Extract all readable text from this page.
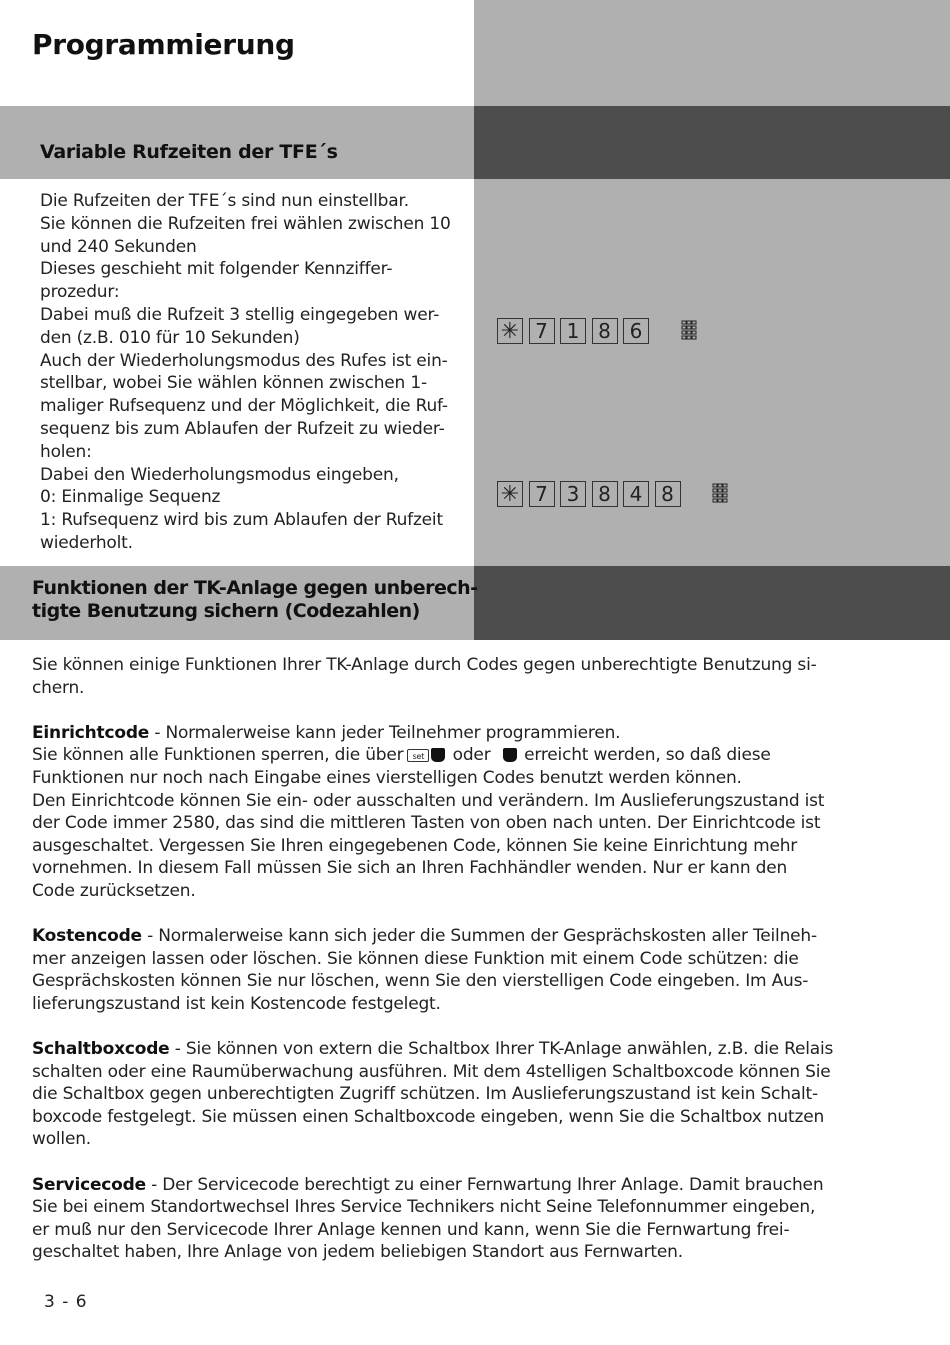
Programmierung
Variable Rufzeiten der TFE´s
Die Rufzeiten der TFE´s sind nun einstellbar.
Sie können die Rufzeiten frei wählen zwischen 10
und 240 Sekunden
Dieses geschieht mit folgender Kennziffer-
prozedur:
Dabei muß die Rufzeit 3 stellig eingegeben wer-
den (z.B. 010 für 10 Sekunden)
Auch der Wiederholungsmodus des Rufes ist ein-
stellbar, wobei Sie wählen können zwischen 1-
maliger Rufsequenz und der Möglichkeit, die Ruf-
sequenz bis zum Ablaufen der Rufzeit zu wieder-
holen:
Dabei den Wiederholungsmodus eingeben,
0: Einmalige Sequenz
1: Rufsequenz wird bis zum Ablaufen der Rufzeit
wiederholt.
✳ 7 1 8 6
✳ 7 3 8 4 8
Funktionen der TK-Anlage gegen unberech-
tigte Benutzung sichern (Codezahlen)
Sie können einige Funktionen Ihrer TK-Anlage durch Codes gegen unberechtigte Benutzung si-
chern.
Einrichtcode - Normalerweise kann jeder Teilnehmer programmieren.
Sie können alle Funktionen sperren, die über set oder erreicht werden, so daß diese
Funktionen nur noch nach Eingabe eines vierstelligen Codes benutzt werden können.
Den Einrichtcode können Sie ein- oder ausschalten und verändern. Im Auslieferungszustand ist
der Code immer 2580, das sind die mittleren Tasten von oben nach unten. Der Einrichtcode ist
ausgeschaltet. Vergessen Sie Ihren eingegebenen Code, können Sie keine Einrichtung mehr
vornehmen. In diesem Fall müssen Sie sich an Ihren Fachhändler wenden. Nur er kann den
Code zurücksetzen.
Kostencode - Normalerweise kann sich jeder die Summen der Gesprächskosten aller Teilneh-
mer anzeigen lassen oder löschen. Sie können diese Funktion mit einem Code schützen: die
Gesprächskosten können Sie nur löschen, wenn Sie den vierstelligen Code eingeben. Im Aus-
lieferungszustand ist kein Kostencode festgelegt.
Schaltboxcode - Sie können von extern die Schaltbox Ihrer TK-Anlage anwählen, z.B. die Relais
schalten oder eine Raumüberwachung ausführen. Mit dem 4stelligen Schaltboxcode können Sie
die Schaltbox gegen unberechtigten Zugriff schützen. Im Auslieferungszustand ist kein Schalt-
boxcode festgelegt. Sie müssen einen Schaltboxcode eingeben, wenn Sie die Schaltbox nutzen
wollen.
Servicecode - Der Servicecode berechtigt zu einer Fernwartung Ihrer Anlage. Damit brauchen
Sie bei einem Standortwechsel Ihres Service Technikers nicht Seine Telefonnummer eingeben,
er muß nur den Servicecode Ihrer Anlage kennen und kann, wenn Sie die Fernwartung frei-
geschaltet haben, Ihre Anlage von jedem beliebigen Standort aus Fernwarten.
3 - 6
